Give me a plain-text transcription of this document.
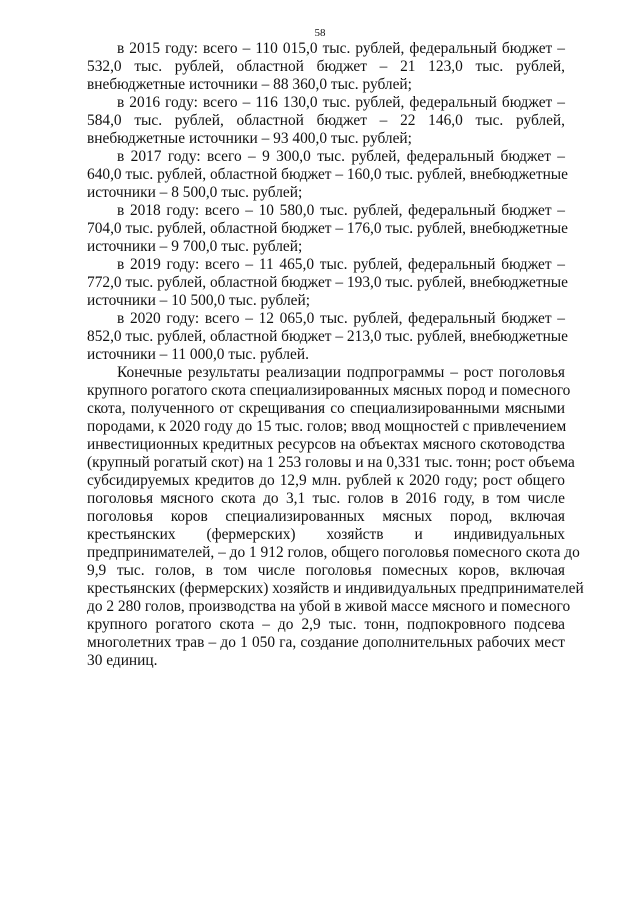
58
в 2015 году: всего – 110 015,0 тыс. рублей, федеральный бюджет –
532,0 тыс. рублей, областной бюджет – 21 123,0 тыс. рублей,
внебюджетные источники – 88 360,0 тыс. рублей;
в 2016 году: всего – 116 130,0 тыс. рублей, федеральный бюджет –
584,0 тыс. рублей, областной бюджет – 22 146,0 тыс. рублей,
внебюджетные источники – 93 400,0 тыс. рублей;
в 2017 году: всего – 9 300,0 тыс. рублей, федеральный бюджет –
640,0 тыс. рублей, областной бюджет – 160,0 тыс. рублей, внебюджетные
источники – 8 500,0 тыс. рублей;
в 2018 году: всего – 10 580,0 тыс. рублей, федеральный бюджет –
704,0 тыс. рублей, областной бюджет – 176,0 тыс. рублей, внебюджетные
источники – 9 700,0 тыс. рублей;
в 2019 году: всего – 11 465,0 тыс. рублей, федеральный бюджет –
772,0 тыс. рублей, областной бюджет – 193,0 тыс. рублей, внебюджетные
источники – 10 500,0 тыс. рублей;
в 2020 году: всего – 12 065,0 тыс. рублей, федеральный бюджет –
852,0 тыс. рублей, областной бюджет – 213,0 тыс. рублей, внебюджетные
источники – 11 000,0 тыс. рублей.
Конечные результаты реализации подпрограммы – рост поголовья
крупного рогатого скота специализированных мясных пород и помесного
скота, полученного от скрещивания со специализированными мясными
породами, к 2020 году до 15 тыс. голов; ввод мощностей с привлечением
инвестиционных кредитных ресурсов на объектах мясного скотоводства
(крупный рогатый скот) на 1 253 головы и на 0,331 тыс. тонн; рост объема
субсидируемых кредитов до 12,9 млн. рублей к 2020 году; рост общего
поголовья мясного скота до 3,1 тыс. голов в 2016 году, в том числе
поголовья коров специализированных мясных пород, включая
крестьянских (фермерских) хозяйств и индивидуальных
предпринимателей, – до 1 912 голов, общего поголовья помесного скота до
9,9 тыс. голов, в том числе поголовья помесных коров, включая
крестьянских (фермерских) хозяйств и индивидуальных предпринимателей
до 2 280 голов, производства на убой в живой массе мясного и помесного
крупного рогатого скота – до 2,9 тыс. тонн, подпокровного подсева
многолетних трав – до 1 050 га, создание дополнительных рабочих мест
30 единиц.
